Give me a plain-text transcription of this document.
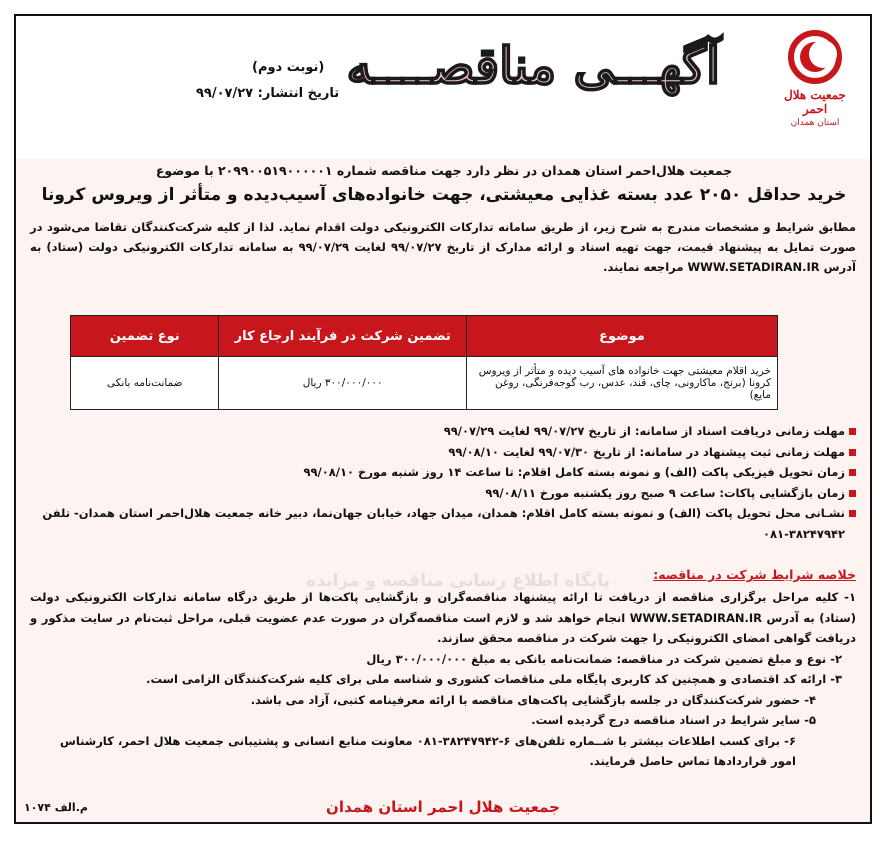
جمعیت هلال احمر
استان همدان
آگهـــی مناقصــــه
(نوبت دوم)
تاریخ انتشار: ۹۹/۰۷/۲۷
پایگاه اطلاع رسانی مناقصه و مزایده
جمعیت هلال‌احمر استان همدان در نظر دارد جهت مناقصه شماره ۲۰۹۹۰۰۵۱۹۰۰۰۰۰۱ با موضوع
خرید حداقل ۲۰۵۰ عدد بسته غذایی معیشتی، جهت خانواده‌های آسیب‌دیده و متأثر از ویروس کرونا
مطابق شرایط و مشخصات مندرج به شرح زیر، از طریق سامانه تدارکات الکترونیکی دولت اقدام نماید. لذا از کلیه شرکت‌کنندگان تقاضا می‌شود در صورت تمایل به پیشنهاد قیمت، جهت تهیه اسناد و ارائه مدارک از تاریخ ۹۹/۰۷/۲۷ لغایت ۹۹/۰۷/۲۹ به سامانه تدارکات الکترونیکی دولت (ستاد) به آدرس WWW.SETADIRAN.IR مراجعه نمایند.
موضوع	تضمین شرکت در فرآیند ارجاع کار	نوع تضمین
خرید اقلام معیشتی جهت خانواده های آسیب دیده و متأثر از ویروس کرونا (برنج، ماکارونی، چای، قند، عدس، رب گوجه‌فرنگی، روغن مایع)	۳۰۰/۰۰۰/۰۰۰ ریال	ضمانت‌نامه بانکی
مهلت زمانی دریافت اسناد از سامانه: از تاریخ ۹۹/۰۷/۲۷ لغایت ۹۹/۰۷/۲۹
مهلت زمانی ثبت پیشنهاد در سامانه: از تاریخ ۹۹/۰۷/۳۰ لغایت ۹۹/۰۸/۱۰
زمان تحویل فیزیکی پاکت (الف) و نمونه بسته کامل اقلام: تا ساعت ۱۴ روز شنبه مورخ ۹۹/۰۸/۱۰
زمان بازگشایی پاکات: ساعت ۹ صبح روز یکشنبه مورخ ۹۹/۰۸/۱۱
نشـانی محل تحویل پاکت (الف) و نمونه بسته کامل اقلام: همدان، میدان جهاد، خیابان جهان‌نما، دبیر خانه جمعیت هلال‌احمر استان همدان- تلفن ۳۸۲۴۷۹۴۲-۰۸۱
خلاصه شرایط شرکت در مناقصه:
۱- کلیه مراحل برگزاری مناقصه از دریافت تا ارائه پیشنهاد مناقصه‌گران و بازگشایی پاکت‌ها از طریق درگاه سامانه تدارکات الکترونیکی دولت (ستاد) به آدرس WWW.SETADIRAN.IR انجام خواهد شد و لازم است مناقصه‌گران در صورت عدم عضویت قبلی، مراحل ثبت‌نام در سایت مذکور و دریافت گواهی امضای الکترونیکی را جهت شرکت در مناقصه محقق سازند.
۲- نوع و مبلغ تضمین شرکت در مناقصه: ضمانت‌نامه بانکی به مبلغ ۳۰۰/۰۰۰/۰۰۰ ریال
۳- ارائه کد اقتصادی و همچنین کد کاربری پایگاه ملی مناقصات کشوری و شناسه ملی برای کلیه شرکت‌کنندگان الزامی است.
۴- حضور شرکت‌کنندگان در جلسه بازگشایی پاکت‌های مناقصه با ارائه معرفینامه کتبی، آزاد می باشد.
۵- سایر شرایط در اسناد مناقصه درج گردیده است.
۶- برای کسب اطلاعات بیشتر با شــماره تلفن‌های ۶-۳۸۲۴۷۹۴۲-۰۸۱ معاونت منابع انسانی و پشتیبانی جمعیت هلال احمر، کارشناس امور قراردادها تماس حاصل فرمایند.
جمعیت هلال احمر استان همدان
م.الف ۱۰۷۴
